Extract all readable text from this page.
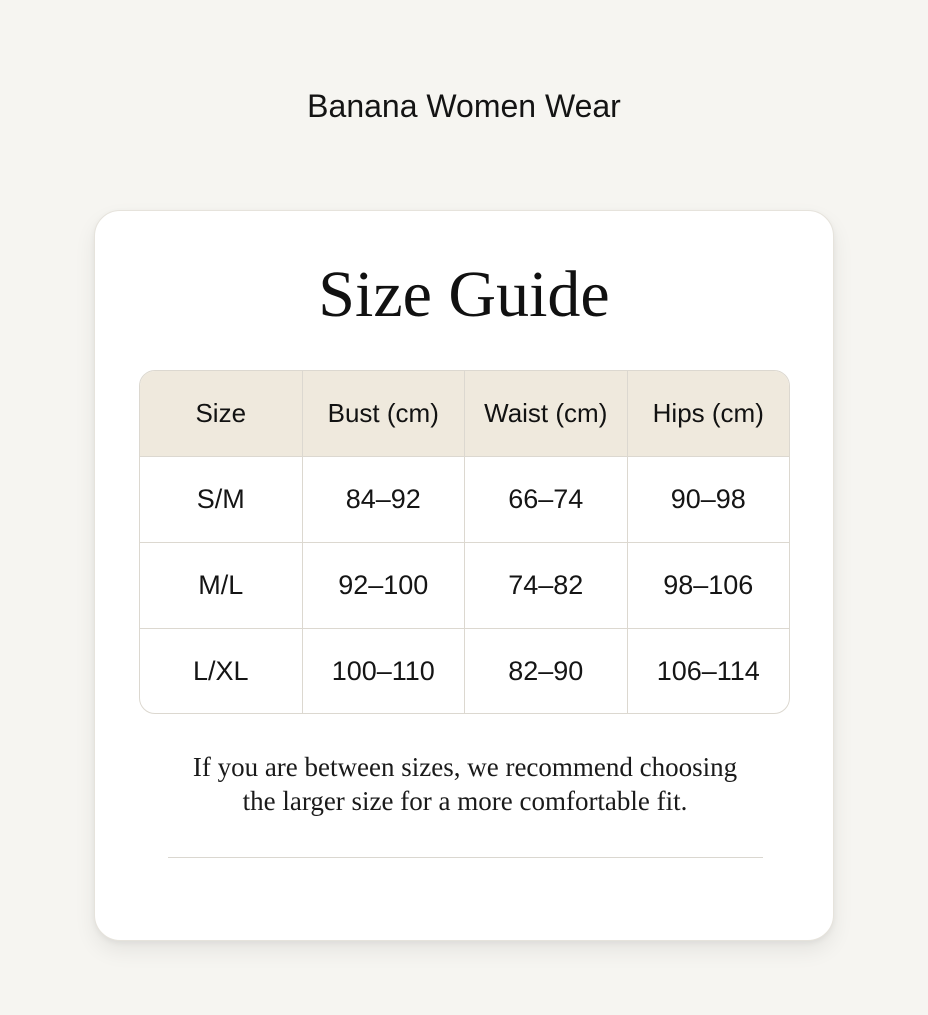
Banana Women Wear
Size Guide
Size	Bust (cm)	Waist (cm)	Hips (cm)
S/M	84–92	66–74	90–98
M/L	92–100	74–82	98–106
L/XL	100–110	82–90	106–114
If you are between sizes, we recommend choosing
the larger size for a more comfortable fit.
